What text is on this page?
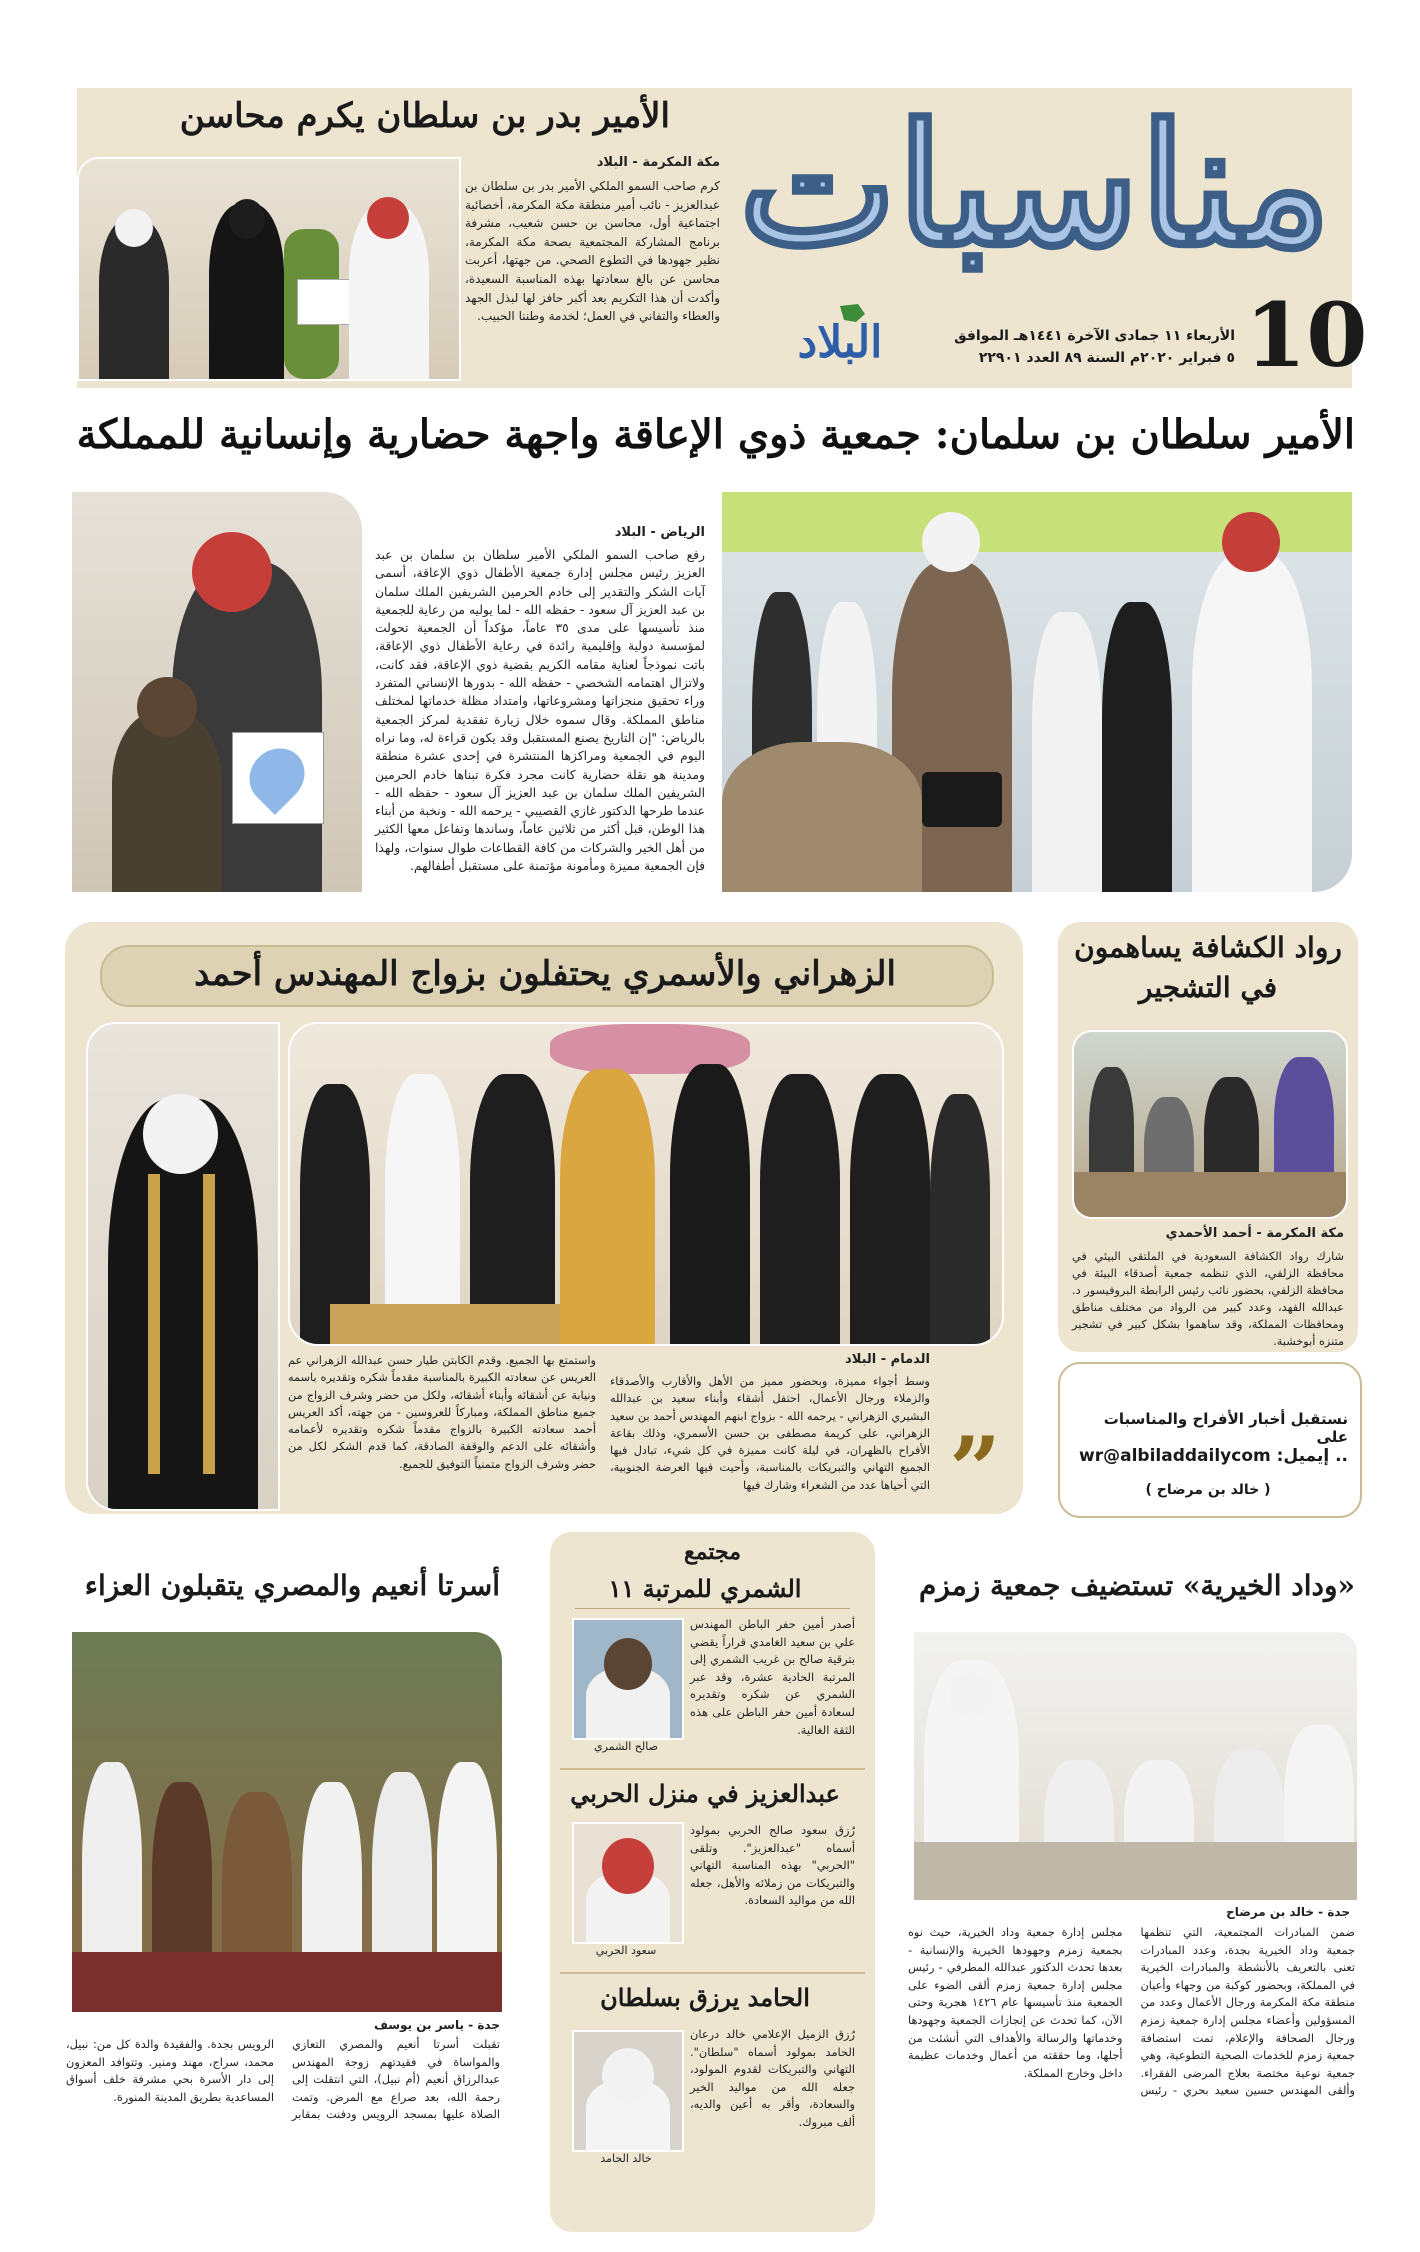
مناسبات
10
الأربعاء ١١ جمادى الآخرة ١٤٤١هـ الموافق
٥ فبراير ٢٠٢٠م السنة ٨٩ العدد ٢٢٩٠١
البلاد
الأمير بدر بن سلطان يكرم محاسن
مكة المكرمة - البلاد
كرم صاحب السمو الملكي الأمير بدر بن سلطان بن عبدالعزيز - نائب أمير منطقة مكة المكرمة، أخصائية اجتماعية أول، محاسن بن حسن شعيب، مشرفة برنامج المشاركة المجتمعية بصحة مكة المكرمة، نظير جهودها في التطوع الصحي. من جهتها، أعربت محاسن عن بالغ سعادتها بهذه المناسبة السعيدة، وأكدت أن هذا التكريم يعد أكبر حافز لها لبذل الجهد والعطاء والتفاني في العمل؛ لخدمة وطننا الحبيب.
الأمير سلطان بن سلمان: جمعية ذوي الإعاقة واجهة حضارية وإنسانية للمملكة
الرياض - البلاد
رفع صاحب السمو الملكي الأمير سلطان بن سلمان بن عبد العزيز رئيس مجلس إدارة جمعية الأطفال ذوي الإعاقة، أسمى آيات الشكر والتقدير إلى خادم الحرمين الشريفين الملك سلمان بن عبد العزيز آل سعود - حفظه الله - لما يوليه من رعاية للجمعية منذ تأسيسها على مدى ٣٥ عاماً، مؤكداً أن الجمعية تحولت لمؤسسة دولية وإقليمية رائدة في رعاية الأطفال ذوي الإعاقة، باتت نموذجاً لعناية مقامه الكريم بقضية ذوي الإعاقة، فقد كانت، ولاتزال اهتمامه الشخصي - حفظه الله - بدورها الإنساني المتفرد وراء تحقيق منجزاتها ومشروعاتها، وامتداد مظلة خدماتها لمختلف مناطق المملكة. وقال سموه خلال زيارة تفقدية لمركز الجمعية بالرياض: "إن التاريخ يصنع المستقبل وقد يكون قراءة له، وما نراه اليوم في الجمعية ومراكزها المنتشرة في إحدى عشرة منطقة ومدينة هو نقلة حضارية كانت مجرد فكرة تبناها خادم الحرمين الشريفين الملك سلمان بن عبد العزيز آل سعود - حفظه الله - عندما طرحها الدكتور غازي القصيبي - يرحمه الله - ونخبة من أبناء هذا الوطن، قبل أكثر من ثلاثين عاماً، وساندها وتفاعل معها الكثير من أهل الخير والشركات من كافة القطاعات طوال سنوات، ولهذا فإن الجمعية مميزة ومأمونة مؤتمنة على مستقبل أطفالهم.
الزهراني والأسمري يحتفلون بزواج المهندس أحمد
الدمام - البلاد
وسط أجواء مميزة، وبحضور مميز من الأهل والأقارب والأصدقاء والزملاء ورجال الأعمال، احتفل أشقاء وأبناء سعيد بن عبدالله البشيري الزهراني - يرحمه الله - بزواج ابنهم المهندس أحمد بن سعيد الزهراني، على كريمة مصطفى بن حسن الأسمري، وذلك بقاعة الأفراح بالظهران، في ليلة كانت مميزة في كل شيء، تبادل فيها الجميع التهاني والتبريكات بالمناسبة، وأحيت فيها العرضة الجنوبية، التي أحياها عدد من الشعراء وشارك فيها
واستمتع بها الجميع. وقدم الكابتن طيار حسن عبدالله الزهراني عم العريس عن سعادته الكبيرة بالمناسبة مقدماً شكره وتقديره باسمه ونيابة عن أشقائه وأبناء أشقائه، ولكل من حضر وشرف الزواج من جميع مناطق المملكة، ومباركاً للعروسين - من جهته، أكد العريس أحمد سعادته الكبيرة بالزواج مقدماً شكره وتقديره لأعمامه وأشقائه على الدعم والوقفة الصادقة، كما قدم الشكر لكل من حضر وشرف الزواج متمنياً التوفيق للجميع.	”
رواد الكشافة يساهمون في التشجير
مكة المكرمة - أحمد الأحمدي
شارك رواد الكشافة السعودية في الملتقى البيئي في محافظة الزلفي، الذي تنظمه جمعية أصدقاء البيئة في محافظة الزلفي، بحضور نائب رئيس الرابطة البروفيسور د. عبدالله الفهد، وعدد كبير من الرواد من مختلف مناطق ومحافظات المملكة، وقد ساهموا بشكل كبير في تشجير متنزه أبوخشبة.
نستقبل أخبار الأفراح والمناسبات على
.. إيميل: wr@albiladdailycom
( خالد بن مرضاح )
«وداد الخيرية» تستضيف جمعية زمزم
جدة - خالد بن مرضاح
ضمن المبادرات المجتمعية، التي تنظمها جمعية وداد الخيرية بجدة، وعدد المبادرات تعنى بالتعريف بالأنشطة والمبادرات الخيرية في المملكة، وبحضور كوكبة من وجهاء وأعيان منطقة مكة المكرمة ورجال الأعمال وعدد من المسؤولين وأعضاء مجلس إدارة جمعية زمزم ورجال الصحافة والإعلام، تمت استضافة جمعية زمزم للخدمات الصحية التطوعية، وهي جمعية نوعية مختصة بعلاج المرضى الفقراء. وألقى المهندس حسين سعيد بحري - رئيس مجلس إدارة جمعية وداد الخيرية، حيث نوه بجمعية زمزم وجهودها الخيرية والإنسانية - بعدها تحدث الدكتور عبدالله المطرفي - رئيس مجلس إدارة جمعية زمزم ألقى الضوء على الجمعية منذ تأسيسها عام ١٤٢٦ هجرية وحتى الآن، كما تحدث عن إنجازات الجمعية وجهودها وخدماتها والرسالة والأهداف التي أنشئت من أجلها، وما حققته من أعمال وخدمات عظيمة داخل وخارج المملكة.
مجتمع
الشمري للمرتبة ١١
أصدر أمين حفر الباطن المهندس علي بن سعيد الغامدي قراراً يقضي بترقية صالح بن غريب الشمري إلى المرتبة الحادية عشرة، وقد عبر الشمري عن شكره وتقديره لسعادة أمين حفر الباطن على هذه الثقة الغالية.
صالح الشمري
عبدالعزيز في منزل الحربي
رُزق سعود صالح الحربي بمولود أسماه "عبدالعزيز". وتلقى "الحربي" بهذه المناسبة التهاني والتبريكات من زملائه والأهل، جعله الله من مواليد السعادة.
سعود الحربي
الحامد يرزق بسلطان
رُزق الزميل الإعلامي خالد درعان الحامد بمولود أسماه "سلطان". التهاني والتبريكات لقدوم المولود، جعله الله من مواليد الخير والسعادة، وأقر به أعين والديه، ألف مبروك.
خالد الحامد
أسرتا أنعيم والمصري يتقبلون العزاء
جدة - ياسر بن يوسف
تقبلت أسرتا أنعيم والمصري التعازي والمواساة في فقيدتهم زوجة المهندس عبدالرزاق أنعيم (أم نبيل)، التي انتقلت إلى رحمة الله، بعد صراع مع المرض. وتمت الصلاة عليها بمسجد الرويس ودفنت بمقابر الرويس بجدة. والفقيدة والدة كل من: نبيل، محمد، سراج، مهند ومنير. وتتوافد المعزون إلى دار الأسرة بحي مشرفة خلف أسواق المساعدية بطريق المدينة المنورة.
